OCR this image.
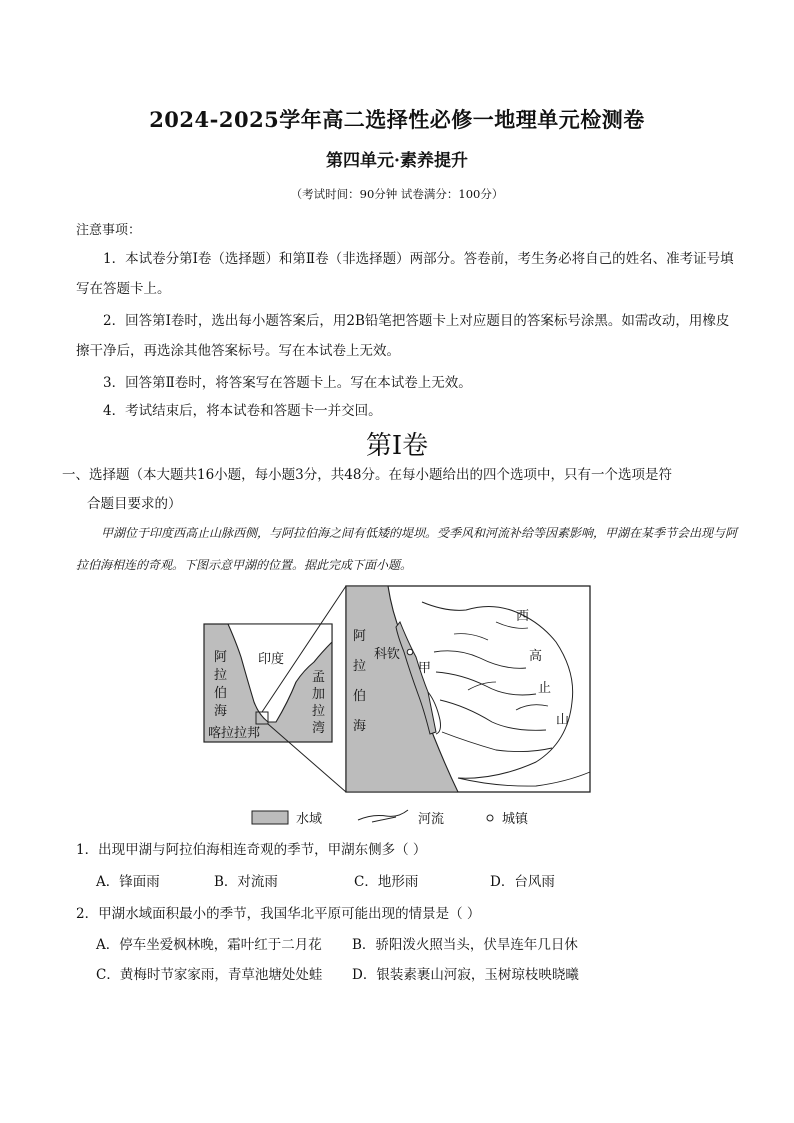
2024-2025学年高二选择性必修一地理单元检测卷
第四单元·素养提升
（考试时间：90分钟 试卷满分：100分）
注意事项：
1．本试卷分第Ⅰ卷（选择题）和第Ⅱ卷（非选择题）两部分。答卷前，考生务必将自己的姓名、准考证号填写在答题卡上。
2．回答第Ⅰ卷时，选出每小题答案后，用2B铅笔把答题卡上对应题目的答案标号涂黑。如需改动，用橡皮擦干净后，再选涂其他答案标号。写在本试卷上无效。
3．回答第Ⅱ卷时，将答案写在答题卡上。写在本试卷上无效。
4．考试结束后，将本试卷和答题卡一并交回。
第Ⅰ卷
一、选择题（本大题共16小题，每小题3分，共48分。在每小题给出的四个选项中，只有一个选项是符
合题目要求的）
甲湖位于印度西高止山脉西侧，与阿拉伯海之间有低矮的堤坝。受季风和河流补给等因素影响，甲湖在某季节会出现与阿拉伯海相连的奇观。下图示意甲湖的位置。据此完成下面小题。
阿
拉
伯
海
印度
孟
加
拉
湾
喀拉拉邦
阿
拉
伯
海
科钦
甲
西
高
止
山
水域	河流	城镇
1．出现甲湖与阿拉伯海相连奇观的季节，甲湖东侧多（ ）
A．锋面雨	B．对流雨	C．地形雨	D．台风雨
2．甲湖水域面积最小的季节，我国华北平原可能出现的情景是（ ）
A．停车坐爱枫林晚，霜叶红于二月花 B．骄阳泼火照当头，伏旱连年几日休
C．黄梅时节家家雨，青草池塘处处蛙 D．银装素裹山河寂，玉树琼枝映晓曦
